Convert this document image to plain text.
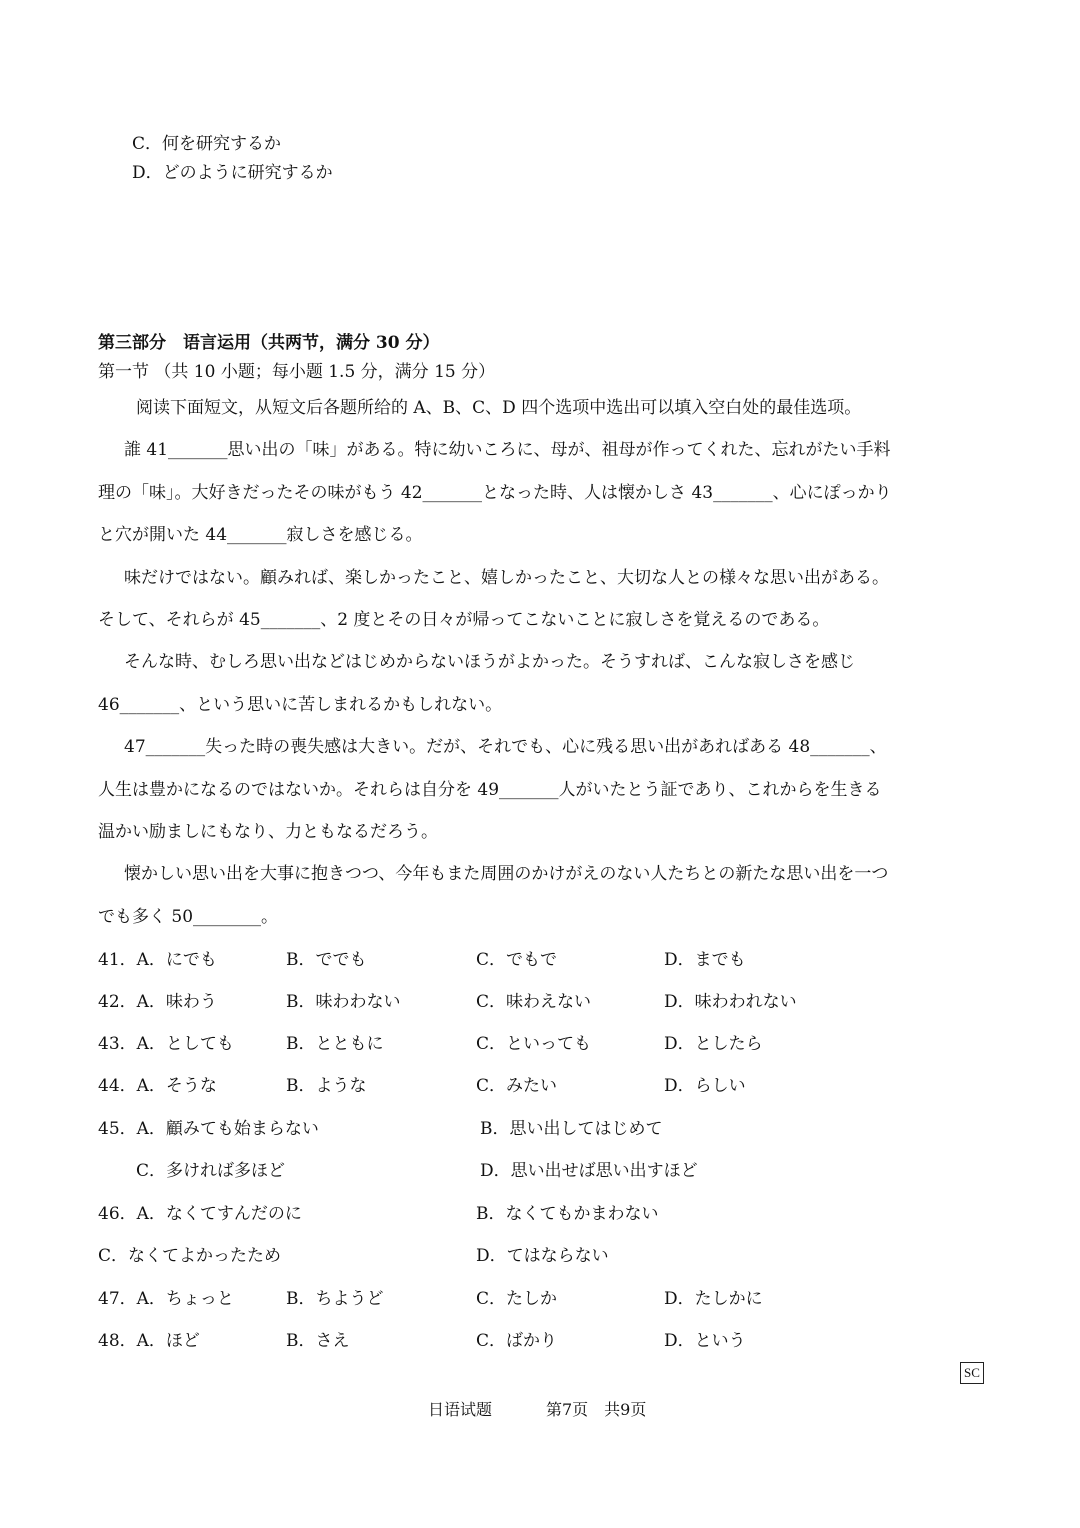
C．何を研究するか
D．どのように研究するか
第三部分　语言运用（共两节，满分 30 分）
第一节 （共 10 小题；每小题 1.5 分，满分 15 分）
阅读下面短文，从短文后各题所给的 A、B、C、D 四个选项中选出可以填入空白处的最佳选项。
誰 41_______思い出の「味」がある。特に幼いころに、母が、祖母が作ってくれた、忘れがたい手料
理の「味」。大好きだったその味がもう 42_______となった時、人は懐かしさ 43_______、心にぽっかり
と穴が開いた 44_______寂しさを感じる。
味だけではない。顧みれば、楽しかったこと、嬉しかったこと、大切な人との様々な思い出がある。
そして、それらが 45_______、2 度とその日々が帰ってこないことに寂しさを覚えるのである。
そんな時、むしろ思い出などはじめからないほうがよかった。そうすれば、こんな寂しさを感じ
46_______、という思いに苦しまれるかもしれない。
47_______失った時の喪失感は大きい。だが、それでも、心に残る思い出があればある 48_______、
人生は豊かになるのではないか。それらは自分を 49_______人がいたとう証であり、これからを生きる
温かい励ましにもなり、力ともなるだろう。
懐かしい思い出を大事に抱きつつ、今年もまた周囲のかけがえのない人たちとの新たな思い出を一つ
でも多く 50________。
41．A．にでも	B．ででも	C．でもで	D．までも
42．A．味わう	B．味わわない	C．味わえない	D．味わわれない
43．A．としても	B．とともに	C．といっても	D．としたら
44．A．そうな	B．ような	C．みたい	D．らしい
45．A．顧みても始まらない	B．思い出してはじめて
C．多ければ多ほど	D．思い出せば思い出すほど
46．A．なくてすんだのに	B．なくてもかまわない
C．なくてよかったため	D．てはならない
47．A．ちょっと	B．ちようど	C．たしか	D．たしかに
48．A．ほど	B．さえ	C．ばかり	D．という
SC
日语试题	第7页　共9页
